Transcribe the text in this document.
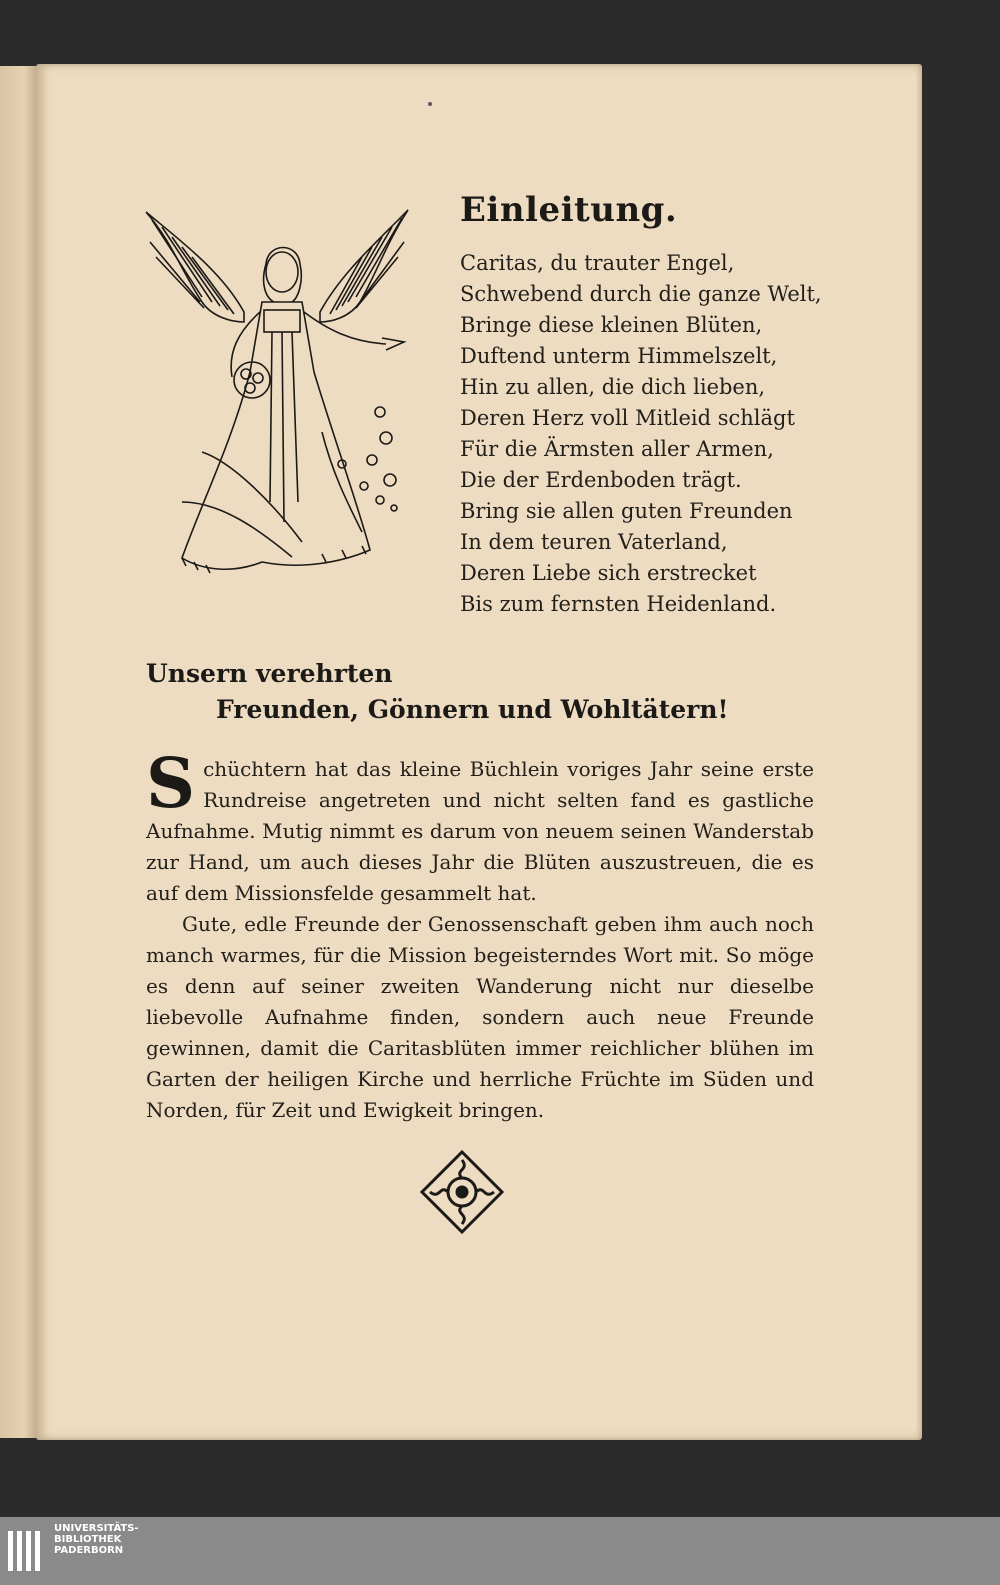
Einleitung.
Caritas, du trauter Engel,
Schwebend durch die ganze Welt,
Bringe diese kleinen Blüten,
Duftend unterm Himmelszelt,
Hin zu allen, die dich lieben,
Deren Herz voll Mitleid schlägt
Für die Ärmsten aller Armen,
Die der Erdenboden trägt.
Bring sie allen guten Freunden
In dem teuren Vaterland,
Deren Liebe sich erstrecket
Bis zum fernsten Heidenland.
Unsern verehrten
Freunden, Gönnern und Wohltätern!

Schüchtern hat das kleine Büchlein voriges Jahr seine erste Rundreise angetreten und nicht selten fand es gastliche Aufnahme. Mutig nimmt es darum von neuem seinen Wanderstab zur Hand, um auch dieses Jahr die Blüten auszustreuen, die es auf dem Missionsfelde gesammelt hat.

Gute, edle Freunde der Genossenschaft geben ihm auch noch manch warmes, für die Mission begeisterndes Wort mit. So möge es denn auf seiner zweiten Wanderung nicht nur dieselbe liebevolle Aufnahme finden, sondern auch neue Freunde gewinnen, damit die Caritasblüten immer reichlicher blühen im Garten der heiligen Kirche und herrliche Früchte im Süden und Norden, für Zeit und Ewigkeit bringen.

UNIVERSITÄTS-
BIBLIOTHEK
PADERBORN
